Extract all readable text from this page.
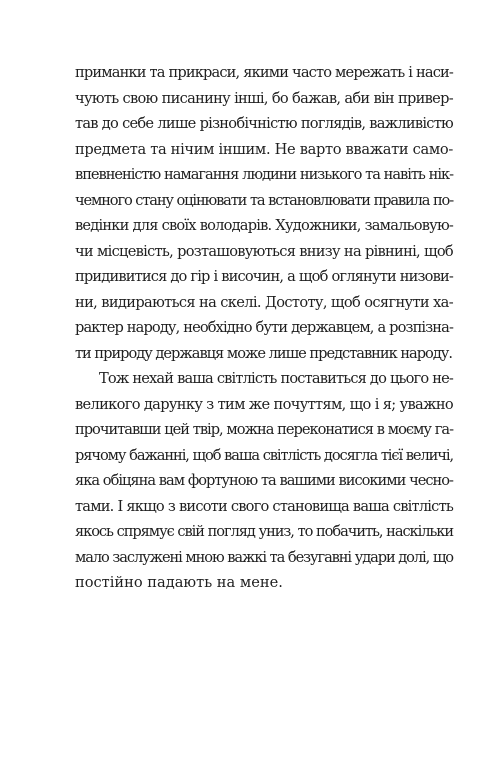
приманки та прикраси, якими часто мережать і наси-
чують свою писанину інші, бо бажав, аби він привер-
тав до себе лише різнобічністю поглядів, важливістю
предмета та нічим іншим. Не варто вважати само-
впевненістю намагання людини низького та навіть нік-
чемного стану оцінювати та встановлювати правила по-
ведінки для своїх володарів. Художники, замальовую-
чи місцевість, розташовуються внизу на рівнині, щоб
придивитися до гір і височин, а щоб оглянути низови-
ни, видираються на скелі. Достоту, щоб осягнути ха-
рактер народу, необхідно бути державцем, а розпізна-
ти природу державця може лише представник народу.
Тож нехай ваша світлість поставиться до цього не-
великого дарунку з тим же почуттям, що і я; уважно
прочитавши цей твір, можна переконатися в моєму га-
рячому бажанні, щоб ваша світлість досягла тієї величі,
яка обіцяна вам фортуною та вашими високими чесно-
тами. І якщо з висоти свого становища ваша світлість
якось спрямує свій погляд униз, то побачить, наскільки
мало заслужені мною важкі та безугавні удари долі, що
постійно падають на мене.
